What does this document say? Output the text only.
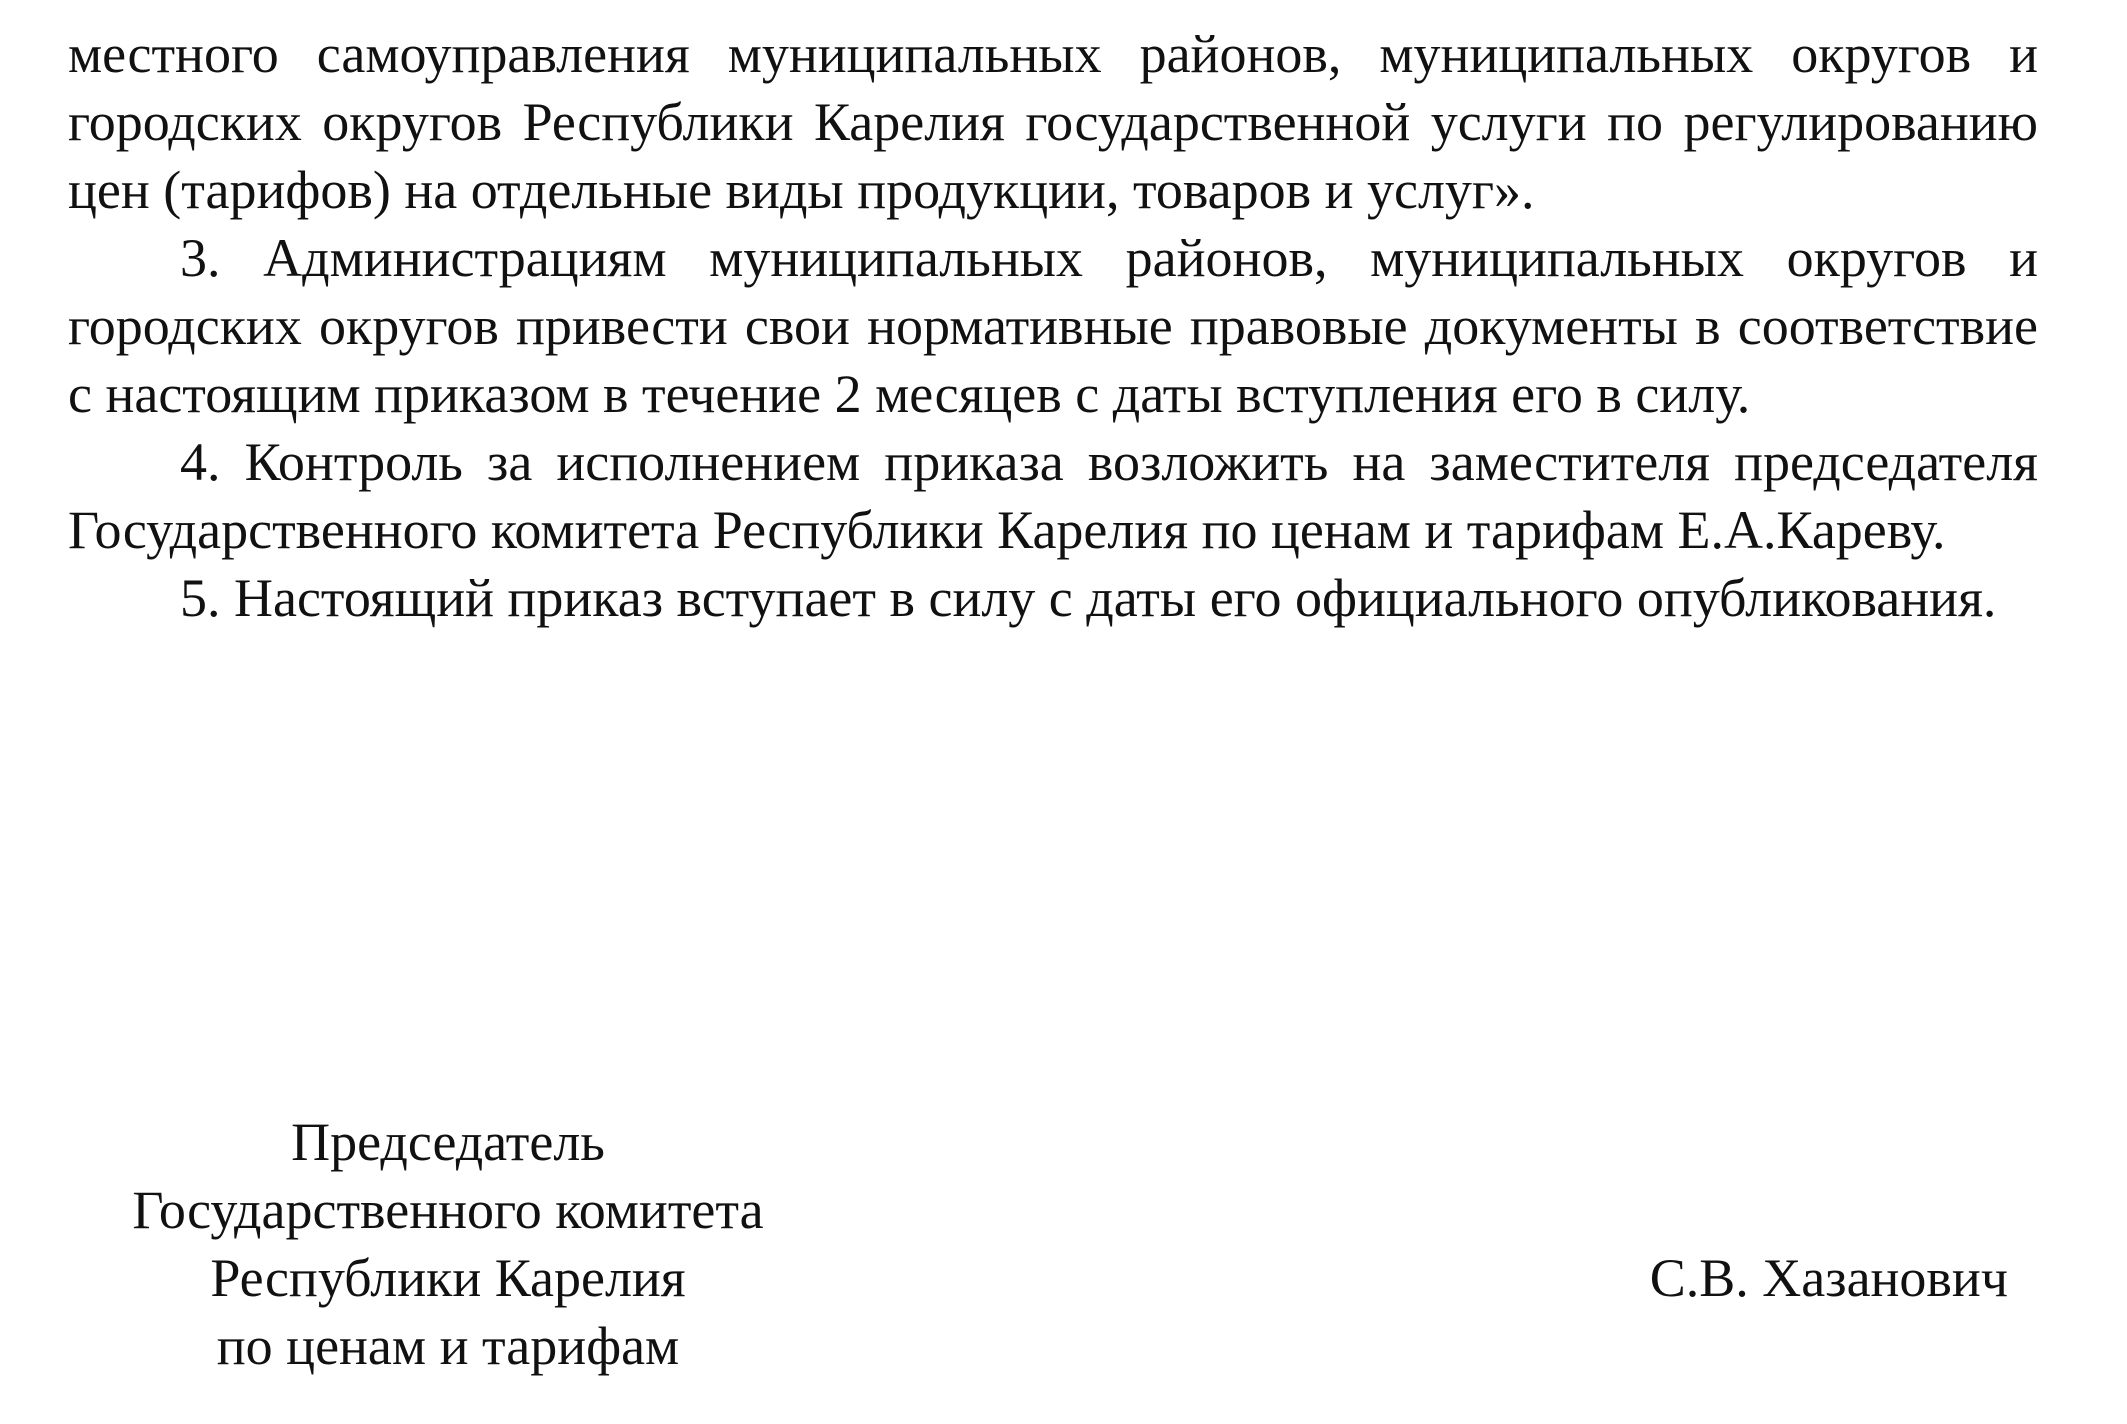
местного самоуправления муниципальных районов, муниципальных округов и городских округов Республики Карелия государственной услуги по регулированию цен (тарифов) на отдельные виды продукции, товаров и услуг».

3. Администрациям муниципальных районов, муниципальных округов и городских округов привести свои нормативные правовые документы в соответствие с настоящим приказом в течение 2 месяцев с даты вступления его в силу.

4. Контроль за исполнением приказа возложить на заместителя председателя Государственного комитета Республики Карелия по ценам и тарифам Е.А.Кареву.

5. Настоящий приказ вступает в силу с даты его официального опубликования.

Председатель
Государственного комитета
Республики Карелия
по ценам и тарифам
С.В. Хазанович
